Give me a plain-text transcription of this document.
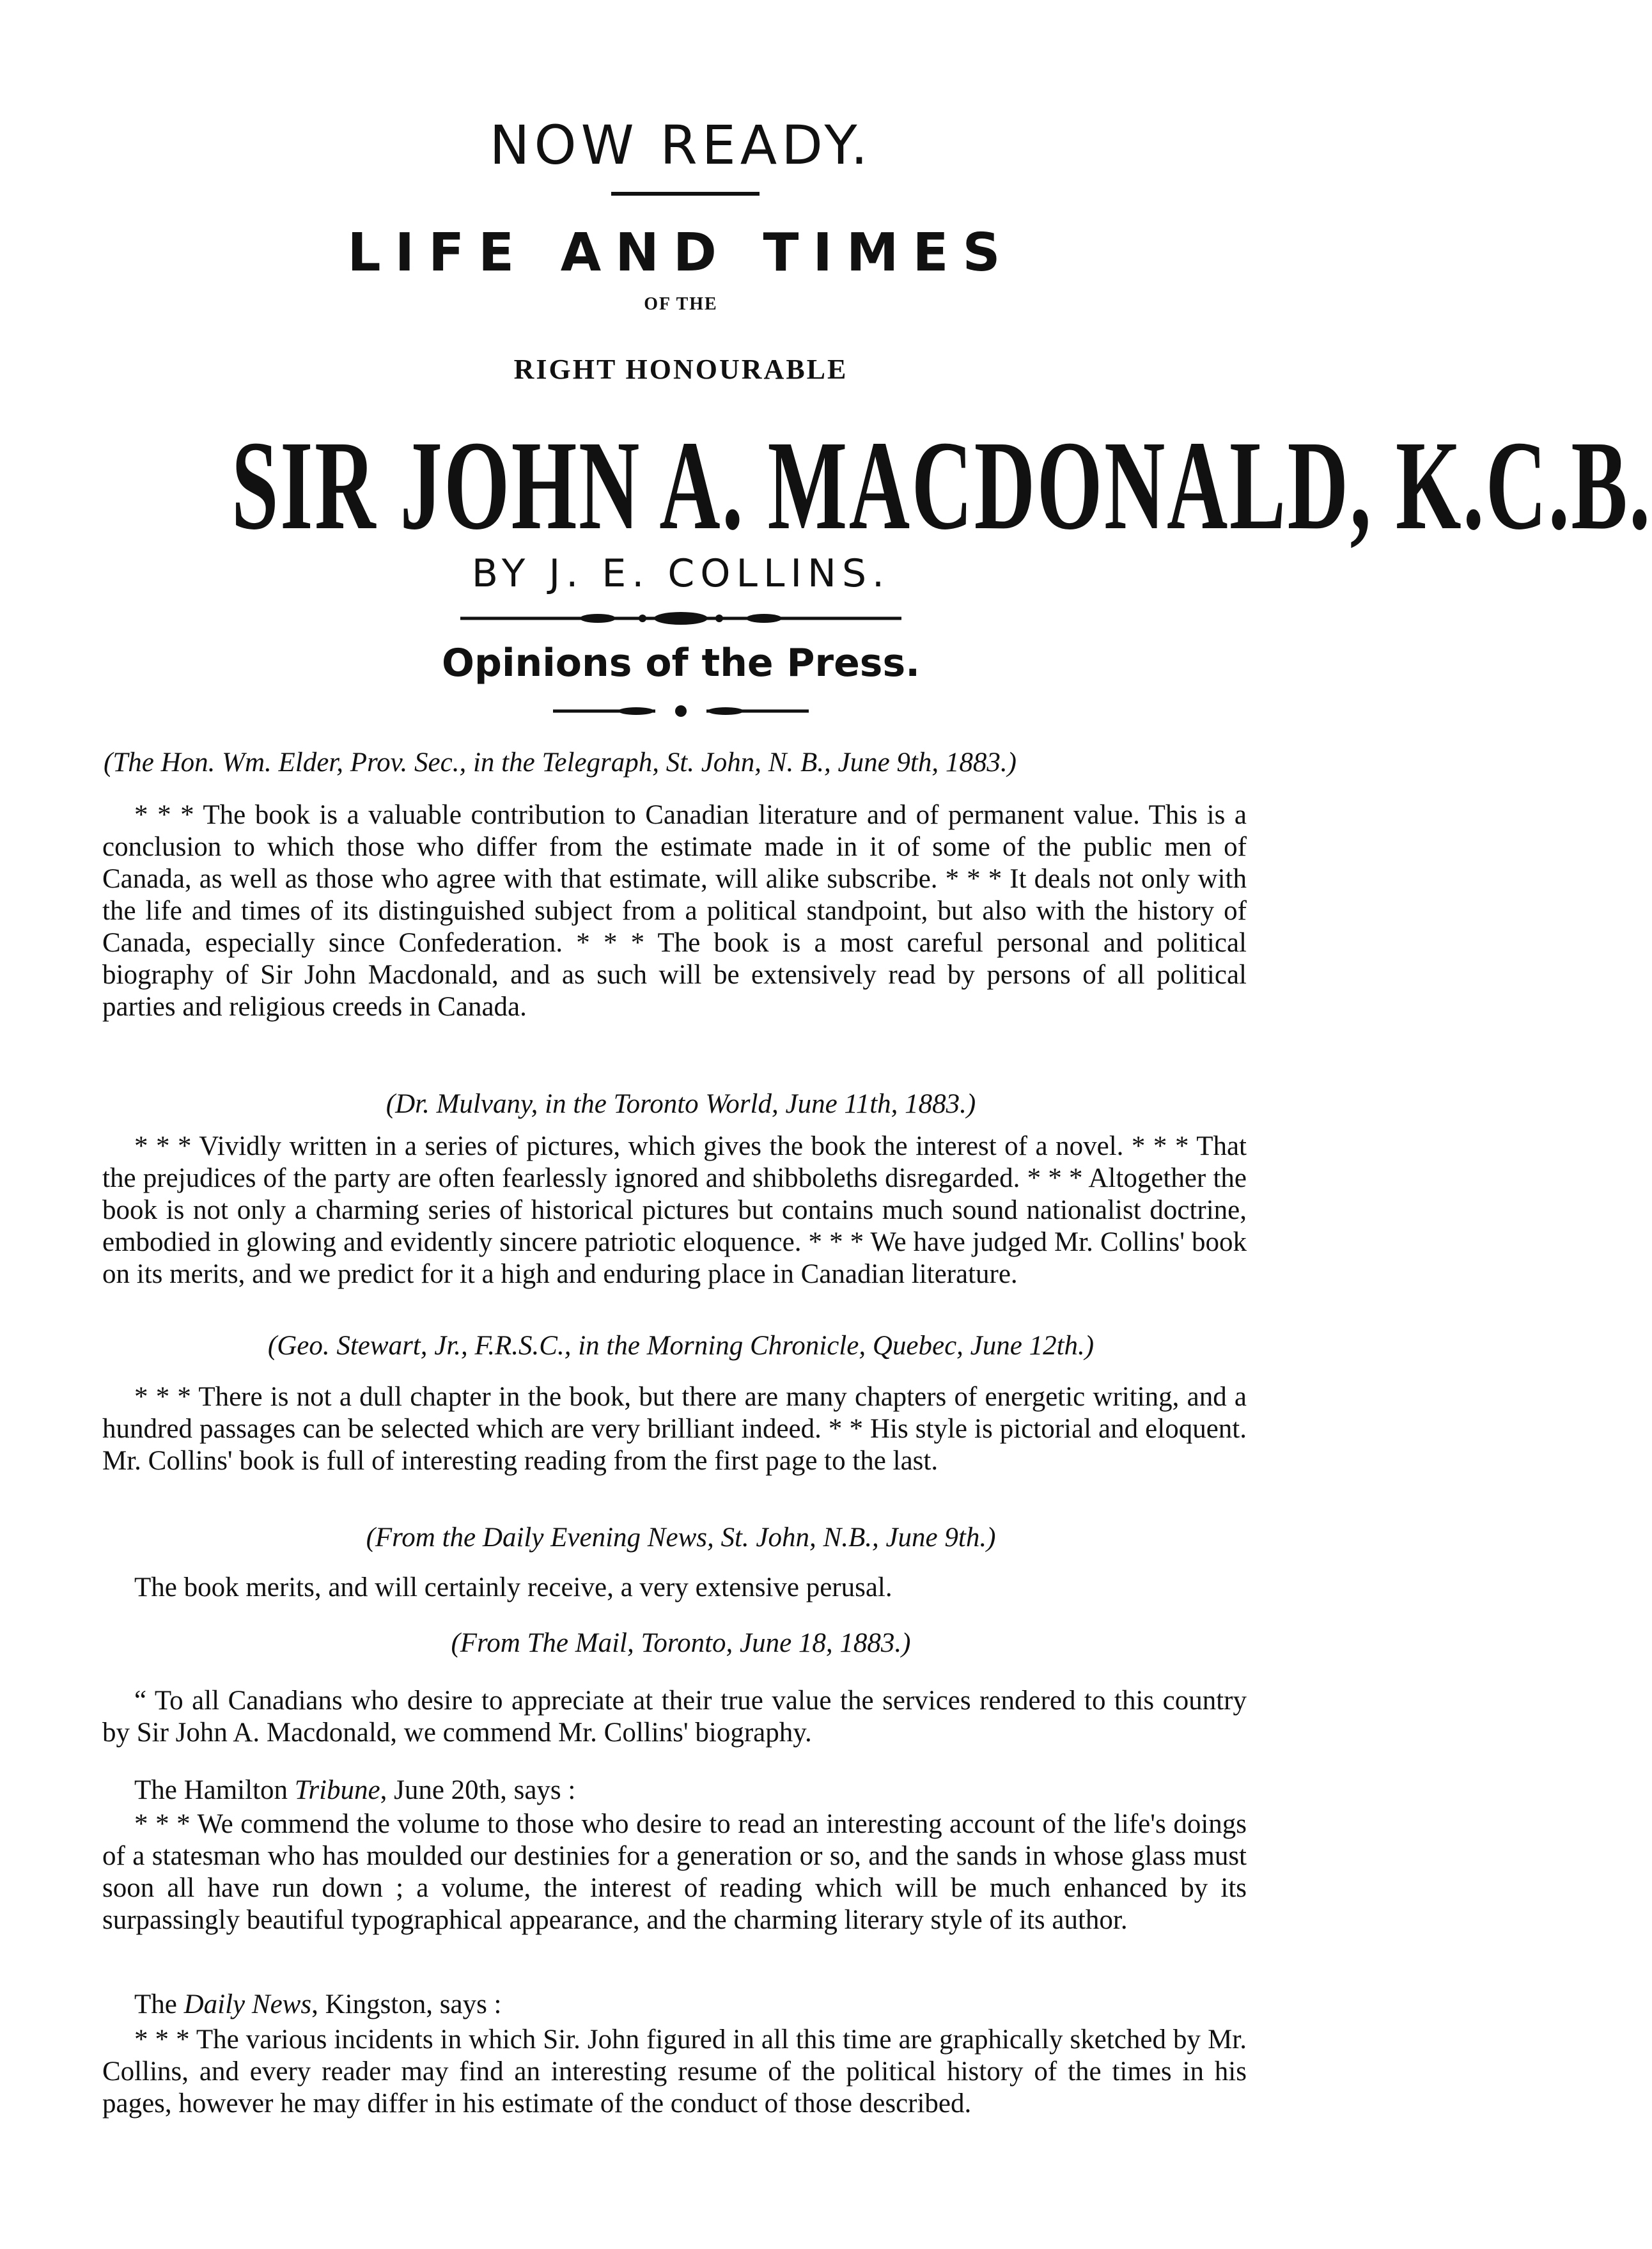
NOW READY.
LIFE AND TIMES
OF THE
RIGHT HONOURABLE
SIR JOHN A. MACDONALD, K.C.B.
BY J. E. COLLINS.
Opinions of the Press.
(The Hon. Wm. Elder, Prov. Sec., in the Telegraph, St. John, N. B., June 9th, 1883.)

* * * The book is a valuable contribution to Canadian literature and of permanent value. This is a conclusion to which those who differ from the estimate made in it of some of the public men of Canada, as well as those who agree with that estimate, will alike subscribe. * * * It deals not only with the life and times of its distinguished subject from a political standpoint, but also with the history of Canada, especially since Confederation. * * * The book is a most careful personal and political biography of Sir John Macdonald, and as such will be extensively read by persons of all political parties and religious creeds in Canada.

(Dr. Mulvany, in the Toronto World, June 11th, 1883.)

* * * Vividly written in a series of pictures, which gives the book the interest of a novel. * * * That the prejudices of the party are often fearlessly ignored and shibboleths disregarded. * * * Altogether the book is not only a charming series of historical pictures but contains much sound nationalist doctrine, embodied in glowing and evidently sincere patriotic eloquence. * * * We have judged Mr. Collins' book on its merits, and we predict for it a high and enduring place in Canadian literature.

(Geo. Stewart, Jr., F.R.S.C., in the Morning Chronicle, Quebec, June 12th.)

* * * There is not a dull chapter in the book, but there are many chapters of energetic writing, and a hundred passages can be selected which are very brilliant indeed. * * His style is pictorial and eloquent. Mr. Collins' book is full of interesting reading from the first page to the last.

(From the Daily Evening News, St. John, N.B., June 9th.)

The book merits, and will certainly receive, a very extensive perusal.

(From The Mail, Toronto, June 18, 1883.)

“ To all Canadians who desire to appreciate at their true value the services rendered to this country by Sir John A. Macdonald, we commend Mr. Collins' biography.

The Hamilton Tribune, June 20th, says :

* * * We commend the volume to those who desire to read an interesting account of the life's doings of a statesman who has moulded our destinies for a generation or so, and the sands in whose glass must soon all have run down ; a volume, the interest of reading which will be much enhanced by its surpassingly beautiful typographical appearance, and the charming literary style of its author.

The Daily News, Kingston, says :

* * * The various incidents in which Sir. John figured in all this time are graphically sketched by Mr. Collins, and every reader may find an interesting resume of the political history of the times in his pages, however he may differ in his estimate of the conduct of those described.
